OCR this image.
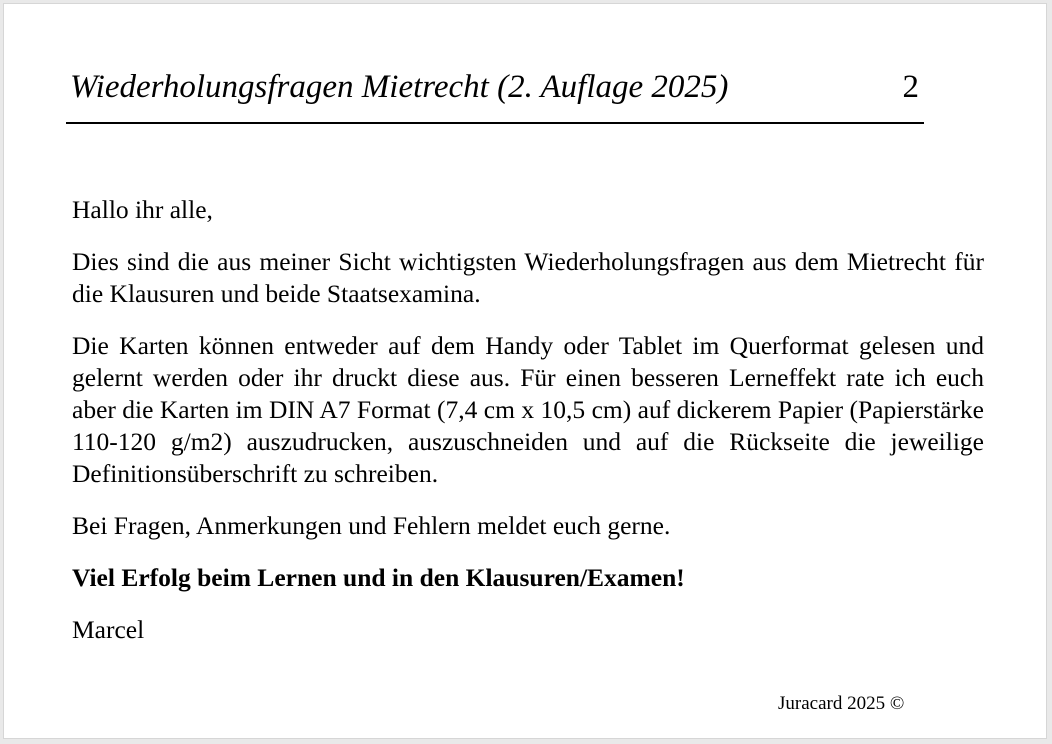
Wiederholungsfragen Mietrecht (2. Auflage 2025)	2

Hallo ihr alle,

Dies sind die aus meiner Sicht wichtigsten Wiederholungsfragen aus dem Mietrecht für die Klausuren und beide Staatsexamina.

Die Karten können entweder auf dem Handy oder Tablet im Querformat gelesen und gelernt werden oder ihr druckt diese aus. Für einen besseren Lerneffekt rate ich euch aber die Karten im DIN A7 Format (7,4 cm x 10,5 cm) auf dickerem Papier (Papierstärke 110-120 g/m2) auszudrucken, auszuschneiden und auf die Rückseite die jeweilige Definitionsüberschrift zu schreiben.

Bei Fragen, Anmerkungen und Fehlern meldet euch gerne.

Viel Erfolg beim Lernen und in den Klausuren/Examen!

Marcel

Juracard 2025 ©
